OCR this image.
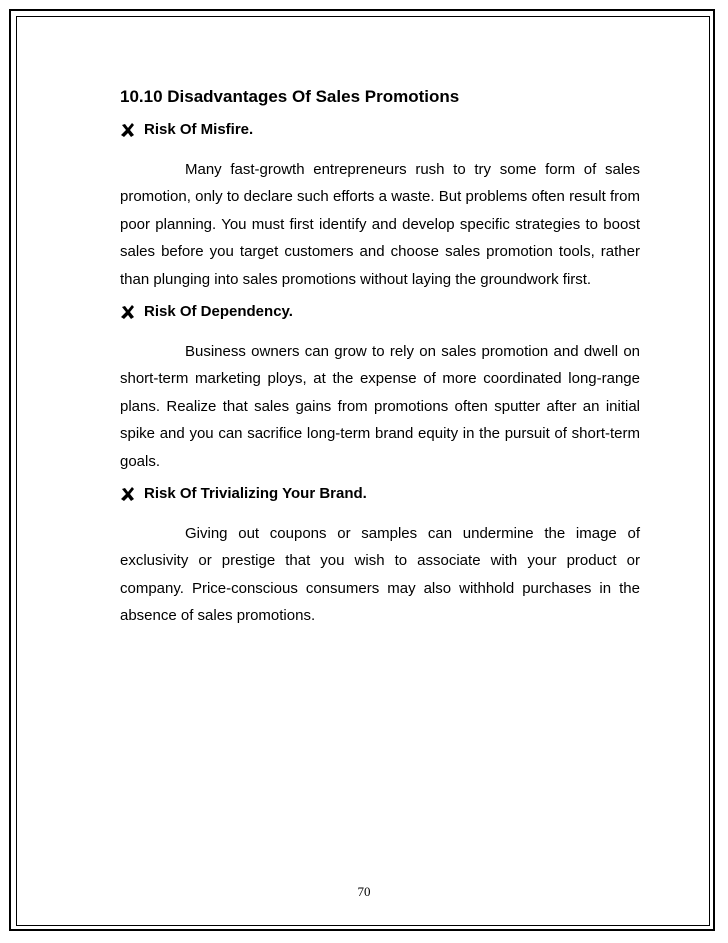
10.10 Disadvantages Of Sales Promotions
Risk Of Misfire.

Many fast-growth entrepreneurs rush to try some form of sales promotion, only to declare such efforts a waste. But problems often result from poor planning. You must first identify and develop specific strategies to boost sales before you target customers and choose sales promotion tools, rather than plunging into sales promotions without laying the groundwork first.

Risk Of Dependency.

Business owners can grow to rely on sales promotion and dwell on short-term marketing ploys, at the expense of more coordinated long-range plans. Realize that sales gains from promotions often sputter after an initial spike and you can sacrifice long-term brand equity in the pursuit of short-term goals.

Risk Of Trivializing Your Brand.

Giving out coupons or samples can undermine the image of exclusivity or prestige that you wish to associate with your product or company. Price-conscious consumers may also withhold purchases in the absence of sales promotions.

70
